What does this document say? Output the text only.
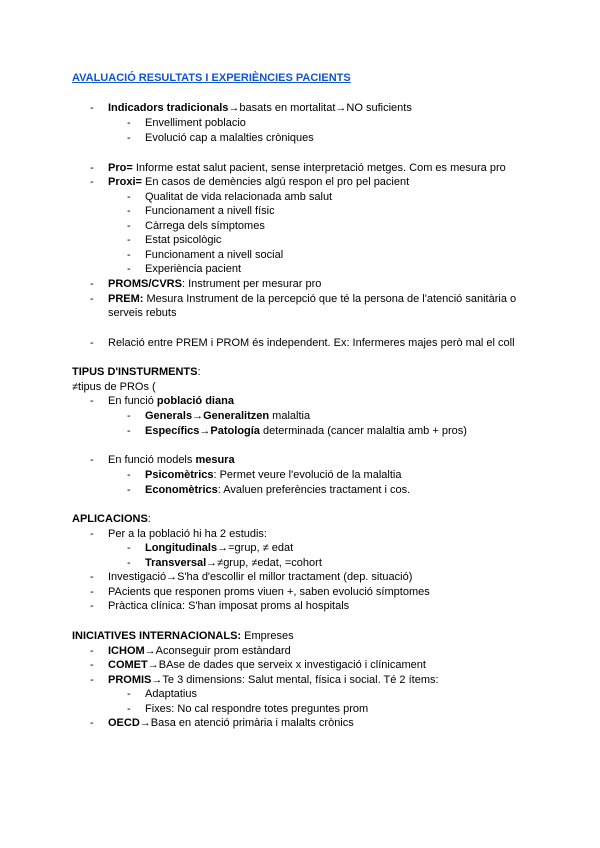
AVALUACIÓ RESULTATS I EXPERIÈNCIES PACIENTS
- Indicadors tradicionals→basats en mortalitat→NO suficients
- Envelliment poblacio
- Evolució cap a malalties cròniques
- Pro= Informe estat salut pacient, sense interpretació metges. Com es mesura pro
- Proxi= En casos de demències algú respon el pro pel pacient
- Qualitat de vida relacionada amb salut
- Funcionament a nivell físic
- Càrrega dels símptomes
- Estat psicològic
- Funcionament a nivell social
- Experiència pacient
- PROMS/CVRS: Instrument per mesurar pro
- PREM: Mesura Instrument de la percepció que té la persona de l'atenció sanitària o
serveis rebuts
- Relació entre PREM i PROM és independent. Ex: Infermeres majes però mal el coll
TIPUS D'INSTURMENTS:
≠tipus de PROs (
- En funció població diana
- Generals→Generalitzen malaltia
- Específics→Patología determinada (cancer malaltia amb + pros)
- En funció models mesura
- Psicomètrics: Permet veure l'evolució de la malaltia
- Economètrics: Avaluen preferències tractament i cos.
APLICACIONS:
- Per a la població hi ha 2 estudis:
- Longitudinals→=grup, ≠ edat
- Transversal→≠grup, ≠edat, =cohort
- Investigació→S'ha d'escollir el millor tractament (dep. situació)
- PAcients que responen proms viuen +, saben evolució símptomes
- Pràctica clínica: S'han imposat proms al hospitals
INICIATIVES INTERNACIONALS: Empreses
- ICHOM→Aconseguir prom estàndard
- COMET→BAse de dades que serveix x investigació i clínicament
- PROMIS→Te 3 dimensions: Salut mental, física i social. Té 2 ítems:
- Adaptatius
- Fixes: No cal respondre totes preguntes prom
- OECD→Basa en atenció primària i malalts crònics
